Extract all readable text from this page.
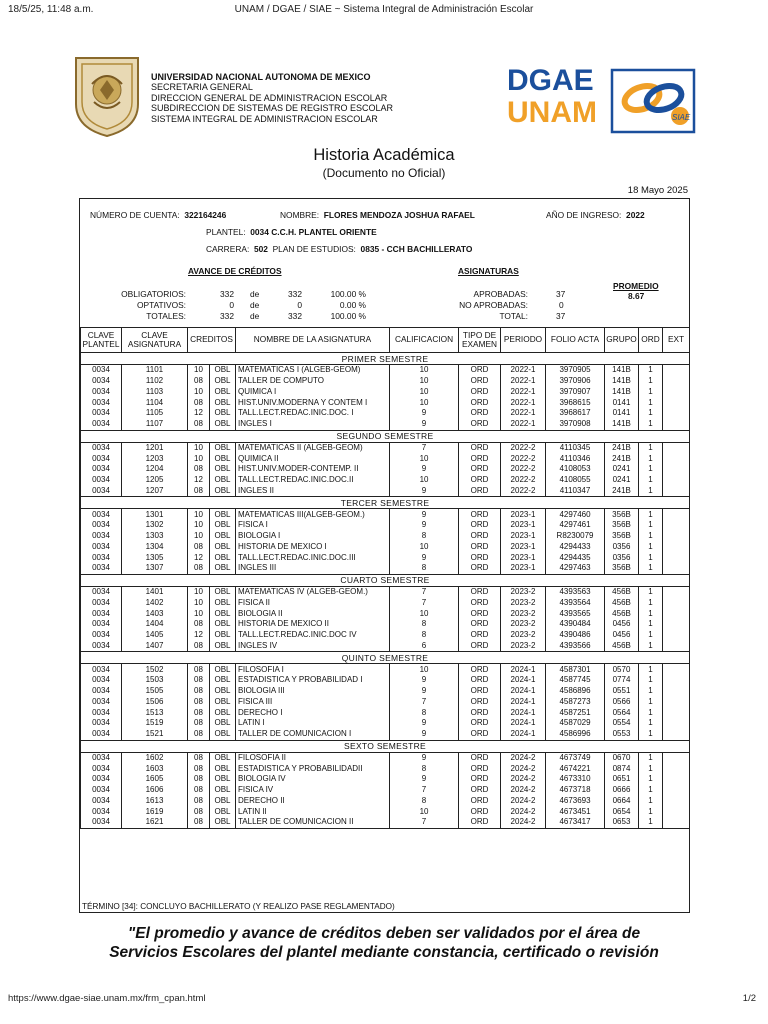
18/5/25, 11:48 a.m.	UNAM / DGAE / SIAE ~ Sistema Integral de Administración Escolar
UNIVERSIDAD NACIONAL AUTONOMA DE MEXICO
SECRETARIA GENERAL
DIRECCION GENERAL DE ADMINISTRACION ESCOLAR
SUBDIRECCION DE SISTEMAS DE REGISTRO ESCOLAR
SISTEMA INTEGRAL DE ADMINISTRACION ESCOLAR
DGAE
UNAM	SIAE
Historia Académica
(Documento no Oficial)
18 Mayo 2025
NÚMERO DE CUENTA: 322164246	NOMBRE: FLORES MENDOZA JOSHUA RAFAEL	AÑO DE INGRESO: 2022
PLANTEL: 0034 C.C.H. PLANTEL ORIENTE
CARRERA: 502 PLAN DE ESTUDIOS: 0835 - CCH BACHILLERATO
AVANCE DE CRÉDITOS
OBLIGATORIOS:	332 de	332	100.00 %
OPTATIVOS:	0 de	0	0.00 %
TOTALES:	332 de	332	100.00 %
ASIGNATURAS
APROBADAS:	37
NO APROBADAS:	0
TOTAL:	37
PROMEDIO
8.67
CLAVE PLANTEL	CLAVE ASIGNATURA	CREDITOS		NOMBRE DE LA ASIGNATURA	CALIFICACION	TIPO DE EXAMEN	PERIODO	FOLIO ACTA	GRUPO	ORD	EXT
PRIMER SEMESTRE											
0034	1101	10	OBL	MATEMATICAS I (ALGEB-GEOM)	10	ORD	2022-1	3970905	141B	1	
0034	1102	08	OBL	TALLER DE COMPUTO	10	ORD	2022-1	3970906	141B	1	
0034	1103	10	OBL	QUIMICA I	10	ORD	2022-1	3970907	141B	1	
0034	1104	08	OBL	HIST.UNIV.MODERNA Y CONTEM I	10	ORD	2022-1	3968615	0141	1	
0034	1105	12	OBL	TALL.LECT.REDAC.INIC.DOC. I	9	ORD	2022-1	3968617	0141	1	
0034	1107	08	OBL	INGLES I	9	ORD	2022-1	3970908	141B	1	
SEGUNDO SEMESTRE											
0034	1201	10	OBL	MATEMATICAS II (ALGEB-GEOM)	7	ORD	2022-2	4110345	241B	1	
0034	1203	10	OBL	QUIMICA II	10	ORD	2022-2	4110346	241B	1	
0034	1204	08	OBL	HIST.UNIV.MODER-CONTEMP. II	9	ORD	2022-2	4108053	0241	1	
0034	1205	12	OBL	TALL.LECT.REDAC.INIC.DOC.II	10	ORD	2022-2	4108055	0241	1	
0034	1207	08	OBL	INGLES II	9	ORD	2022-2	4110347	241B	1	
TERCER SEMESTRE											
0034	1301	10	OBL	MATEMATICAS III(ALGEB-GEOM.)	9	ORD	2023-1	4297460	356B	1	
0034	1302	10	OBL	FISICA I	9	ORD	2023-1	4297461	356B	1	
0034	1303	10	OBL	BIOLOGIA I	8	ORD	2023-1	R8230079	356B	1	
0034	1304	08	OBL	HISTORIA DE MEXICO I	10	ORD	2023-1	4294433	0356	1	
0034	1305	12	OBL	TALL.LECT.REDAC.INIC.DOC.III	9	ORD	2023-1	4294435	0356	1	
0034	1307	08	OBL	INGLES III	8	ORD	2023-1	4297463	356B	1	
CUARTO SEMESTRE											
0034	1401	10	OBL	MATEMATICAS IV (ALGEB-GEOM.)	7	ORD	2023-2	4393563	456B	1	
0034	1402	10	OBL	FISICA II	7	ORD	2023-2	4393564	456B	1	
0034	1403	10	OBL	BIOLOGIA II	10	ORD	2023-2	4393565	456B	1	
0034	1404	08	OBL	HISTORIA DE MEXICO II	8	ORD	2023-2	4390484	0456	1	
0034	1405	12	OBL	TALL.LECT.REDAC.INIC.DOC IV	8	ORD	2023-2	4390486	0456	1	
0034	1407	08	OBL	INGLES IV	6	ORD	2023-2	4393566	456B	1	
QUINTO SEMESTRE											
0034	1502	08	OBL	FILOSOFIA I	10	ORD	2024-1	4587301	0570	1	
0034	1503	08	OBL	ESTADISTICA Y PROBABILIDAD I	9	ORD	2024-1	4587745	0774	1	
0034	1505	08	OBL	BIOLOGIA III	9	ORD	2024-1	4586896	0551	1	
0034	1506	08	OBL	FISICA III	7	ORD	2024-1	4587273	0566	1	
0034	1513	08	OBL	DERECHO I	8	ORD	2024-1	4587251	0564	1	
0034	1519	08	OBL	LATIN I	9	ORD	2024-1	4587029	0554	1	
0034	1521	08	OBL	TALLER DE COMUNICACION I	9	ORD	2024-1	4586996	0553	1	
SEXTO SEMESTRE											
0034	1602	08	OBL	FILOSOFIA II	9	ORD	2024-2	4673749	0670	1	
0034	1603	08	OBL	ESTADISTICA Y PROBABILIDADII	8	ORD	2024-2	4674221	0874	1	
0034	1605	08	OBL	BIOLOGIA IV	9	ORD	2024-2	4673310	0651	1	
0034	1606	08	OBL	FISICA IV	7	ORD	2024-2	4673718	0666	1	
0034	1613	08	OBL	DERECHO II	8	ORD	2024-2	4673693	0664	1	
0034	1619	08	OBL	LATIN II	10	ORD	2024-2	4673451	0654	1	
0034	1621	08	OBL	TALLER DE COMUNICACION II	7	ORD	2024-2	4673417	0653	1	
TÉRMINO [34]: CONCLUYO BACHILLERATO (Y REALIZO PASE REGLAMENTADO)
"El promedio y avance de créditos deben ser validados por el área de
Servicios Escolares del plantel mediante constancia, certificado o revisión
https://www.dgae-siae.unam.mx/frm_cpan.html	1/2
